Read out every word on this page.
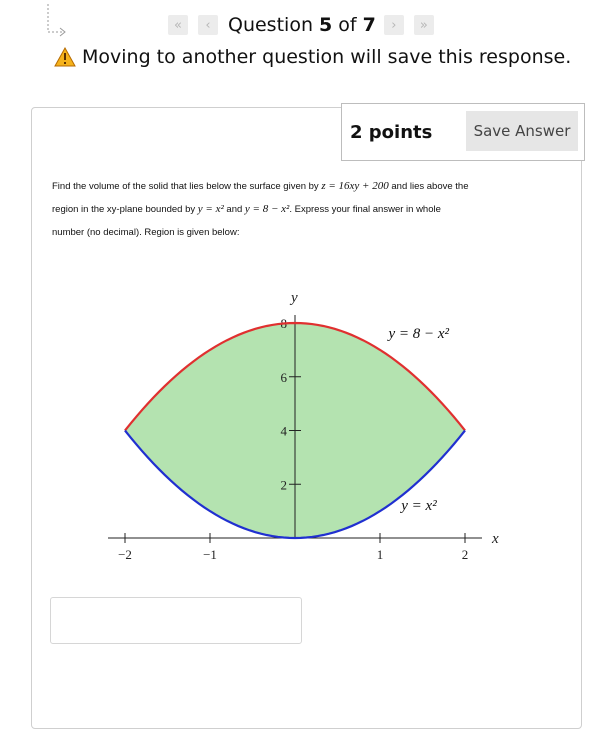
« ‹ Question 5 of 7 › »
Moving to another question will save this response.
2 points	Save Answer
Find the volume of the solid that lies below the surface given by z = 16xy + 200 and lies above the
region in the xy-plane bounded by y = x² and y = 8 − x². Express your final answer in whole
number (no decimal). Region is given below:
−2	−1	1	2
2
4
6
8
x
y
y = 8 − x²
y = x²
